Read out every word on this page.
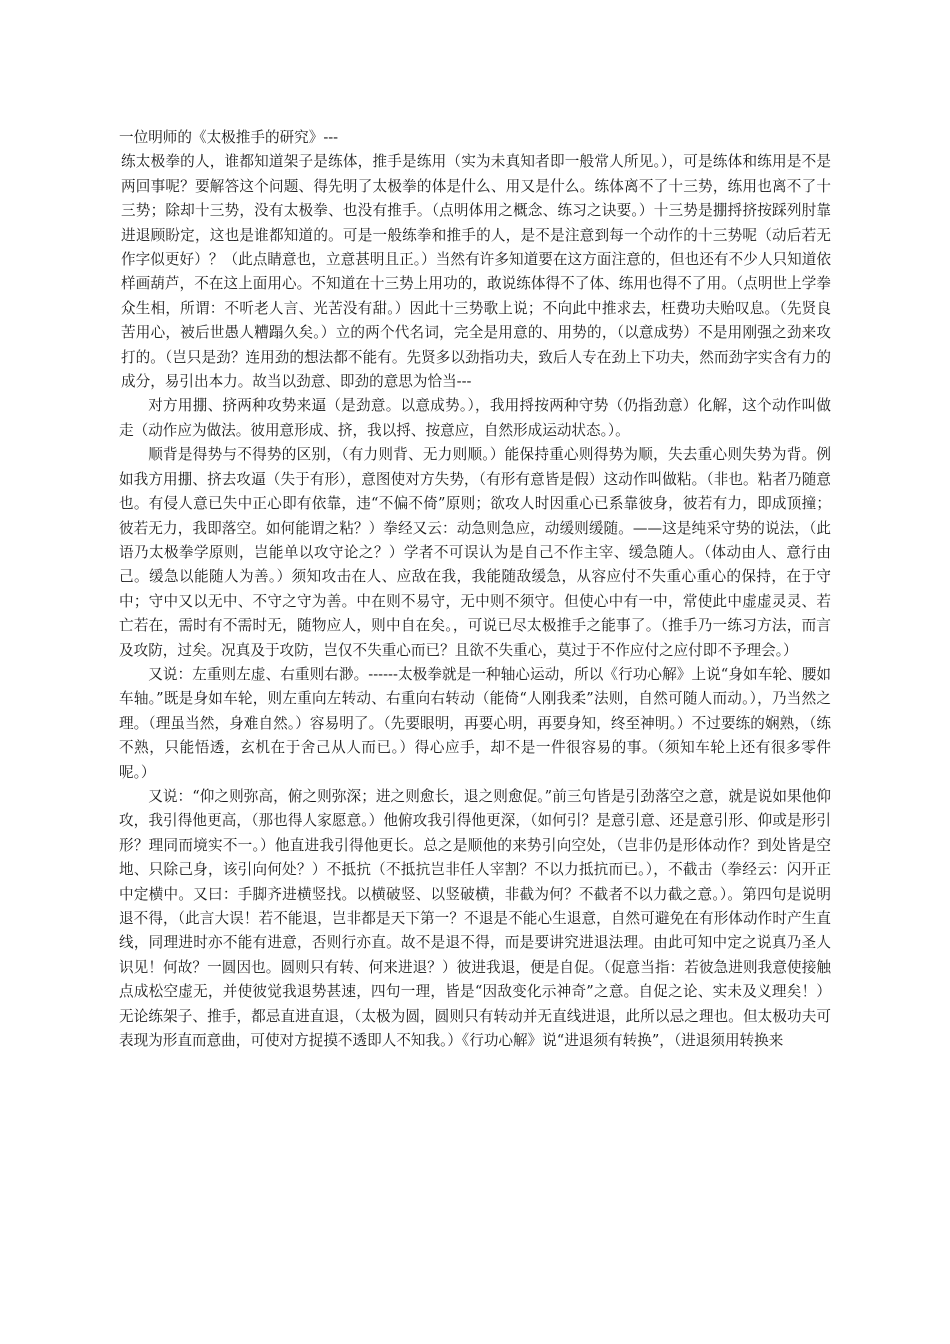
一位明师的《太极推手的研究》---

练太极拳的人，谁都知道架子是练体，推手是练用（实为未真知者即一般常人所见。），可是练体和练用是不是两回事呢？要解答这个问题、得先明了太极拳的体是什么、用又是什么。练体离不了十三势，练用也离不了十三势；除却十三势，没有太极拳、也没有推手。（点明体用之概念、练习之诀要。）十三势是掤捋挤按踩列肘靠进退顾盼定，这也是谁都知道的。可是一般练拳和推手的人，是不是注意到每一个动作的十三势呢（动后若无作字似更好）？（此点睛意也，立意甚明且正。）当然有许多知道要在这方面注意的，但也还有不少人只知道依样画葫芦，不在这上面用心。不知道在十三势上用功的，敢说练体得不了体、练用也得不了用。（点明世上学拳众生相，所谓：不听老人言、光苦没有甜。）因此十三势歌上说；不向此中推求去，枉费功夫贻叹息。（先贤良苦用心，被后世愚人糟蹋久矣。）立的两个代名词，完全是用意的、用势的，（以意成势）不是用刚强之劲来攻打的。（岂只是劲？连用劲的想法都不能有。先贤多以劲指功夫，致后人专在劲上下功夫，然而劲字实含有力的成分，易引出本力。故当以劲意、即劲的意思为恰当---

对方用掤、挤两种攻势来逼（是劲意。以意成势。），我用捋按两种守势（仍指劲意）化解，这个动作叫做走（动作应为做法。彼用意形成、挤，我以捋、按意应，自然形成运动状态。）。

顺背是得势与不得势的区别，（有力则背、无力则顺。）能保持重心则得势为顺，失去重心则失势为背。例如我方用掤、挤去攻逼（失于有形），意图使对方失势，（有形有意皆是假）这动作叫做粘。（非也。粘者乃随意也。有侵人意已失中正心即有依靠，违“不偏不倚”原则；欲攻人时因重心已系靠彼身，彼若有力，即成顶撞；彼若无力，我即落空。如何能谓之粘？）拳经又云：动急则急应，动缓则缓随。——这是纯采守势的说法，（此语乃太极拳学原则，岂能单以攻守论之？）学者不可误认为是自己不作主宰、缓急随人。（体动由人、意行由己。缓急以能随人为善。）须知攻击在人、应敌在我，我能随敌缓急，从容应付不失重心重心的保持，在于守中；守中又以无中、不守之守为善。中在则不易守，无中则不须守。但使心中有一中，常使此中虚虚灵灵、若亡若在，需时有不需时无，随物应人，则中自在矣。，可说已尽太极推手之能事了。（推手乃一练习方法，而言及攻防，过矣。况真及于攻防，岂仅不失重心而已？且欲不失重心，莫过于不作应付之应付即不予理会。）

又说：左重则左虚、右重则右渺。------太极拳就是一种轴心运动，所以《行功心解》上说“身如车轮、腰如车轴。”既是身如车轮，则左重向左转动、右重向右转动（能倚“人刚我柔”法则，自然可随人而动。），乃当然之理。（理虽当然，身难自然。）容易明了。（先要眼明，再要心明，再要身知，终至神明。）不过要练的娴熟，（练不熟，只能悟透，玄机在于舍己从人而已。）得心应手，却不是一件很容易的事。（须知车轮上还有很多零件呢。）

又说：“仰之则弥高，俯之则弥深；进之则愈长，退之则愈促。”前三句皆是引劲落空之意，就是说如果他仰攻，我引得他更高，（那也得人家愿意。）他俯攻我引得他更深，（如何引？是意引意、还是意引形、仰或是形引形？理同而境实不一。）他直进我引得他更长。总之是顺他的来势引向空处，（岂非仍是形体动作？到处皆是空地、只除己身，该引向何处？）不抵抗（不抵抗岂非任人宰割？不以力抵抗而已。），不截击（拳经云：闪开正中定横中。又曰：手脚齐进横竖找。以横破竖、以竖破横，非截为何？不截者不以力截之意。）。第四句是说明退不得，（此言大误！若不能退，岂非都是天下第一？不退是不能心生退意，自然可避免在有形体动作时产生直线，同理进时亦不能有进意，否则行亦直。故不是退不得，而是要讲究进退法理。由此可知中定之说真乃圣人识见！何故？一圆因也。圆则只有转、何来进退？）彼进我退，便是自促。（促意当指：若彼急进则我意使接触点成松空虚无，并使彼觉我退势甚速，四句一理，皆是“因敌变化示神奇”之意。自促之论、实未及义理矣！）无论练架子、推手，都忌直进直退，（太极为圆，圆则只有转动并无直线进退，此所以忌之理也。但太极功夫可表现为形直而意曲，可使对方捉摸不透即人不知我。）《行功心解》说“进退须有转换”，（进退须用转换来
